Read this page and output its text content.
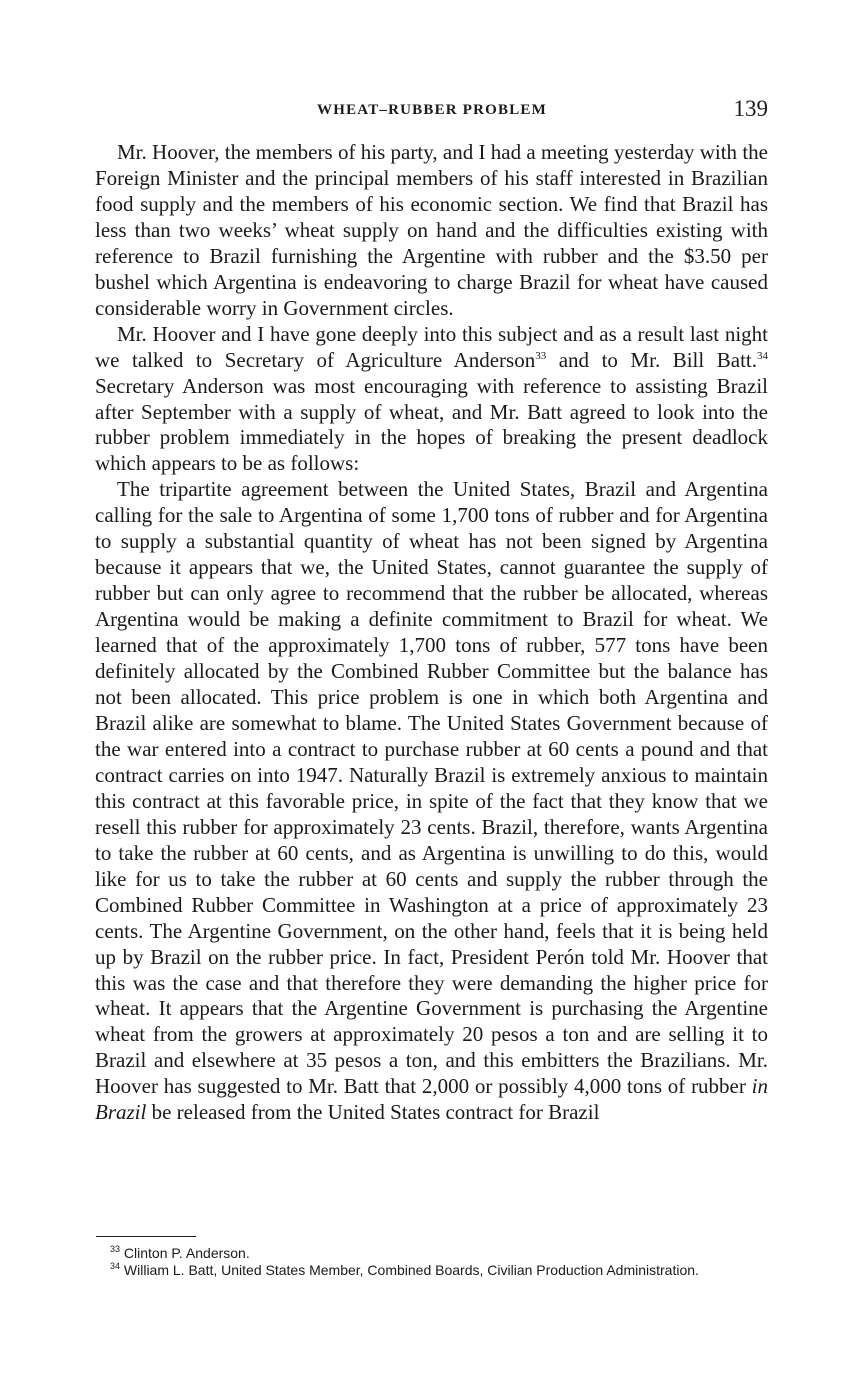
WHEAT–RUBBER PROBLEM	139

Mr. Hoover, the members of his party, and I had a meeting yesterday with the Foreign Minister and the principal members of his staff interested in Brazilian food supply and the members of his economic section. We find that Brazil has less than two weeks’ wheat supply on hand and the difficulties existing with reference to Brazil furnishing the Argentine with rubber and the $3.50 per bushel which Argentina is endeavoring to charge Brazil for wheat have caused considerable worry in Government circles.

Mr. Hoover and I have gone deeply into this subject and as a result last night we talked to Secretary of Agriculture Anderson$^{33}$ and to Mr. Bill Batt.$^{34}$ Secretary Anderson was most encouraging with reference to assisting Brazil after September with a supply of wheat, and Mr. Batt agreed to look into the rubber problem immediately in the hopes of breaking the present deadlock which appears to be as follows:

The tripartite agreement between the United States, Brazil and Argentina calling for the sale to Argentina of some 1,700 tons of rubber and for Argentina to supply a substantial quantity of wheat has not been signed by Argentina because it appears that we, the United States, cannot guarantee the supply of rubber but can only agree to recommend that the rubber be allocated, whereas Argentina would be making a definite commitment to Brazil for wheat. We learned that of the approximately 1,700 tons of rubber, 577 tons have been definitely allocated by the Combined Rubber Committee but the balance has not been allocated. This price problem is one in which both Argentina and Brazil alike are somewhat to blame. The United States Government because of the war entered into a contract to purchase rubber at 60 cents a pound and that contract carries on into 1947. Naturally Brazil is extremely anxious to maintain this contract at this favorable price, in spite of the fact that they know that we resell this rubber for approximately 23 cents. Brazil, therefore, wants Argentina to take the rubber at 60 cents, and as Argentina is unwilling to do this, would like for us to take the rubber at 60 cents and supply the rubber through the Combined Rubber Committee in Washington at a price of approximately 23 cents. The Argentine Government, on the other hand, feels that it is being held up by Brazil on the rubber price. In fact, President Perón told Mr. Hoover that this was the case and that therefore they were demanding the higher price for wheat. It appears that the Argentine Government is purchasing the Argentine wheat from the growers at approximately 20 pesos a ton and are selling it to Brazil and elsewhere at 35 pesos a ton, and this embitters the Brazilians. Mr. Hoover has suggested to Mr. Batt that 2,000 or possibly 4,000 tons of rubber in Brazil be released from the United States contract for Brazil

$^{33}$ Clinton P. Anderson.

$^{34}$ William L. Batt, United States Member, Combined Boards, Civilian Production Administration.
